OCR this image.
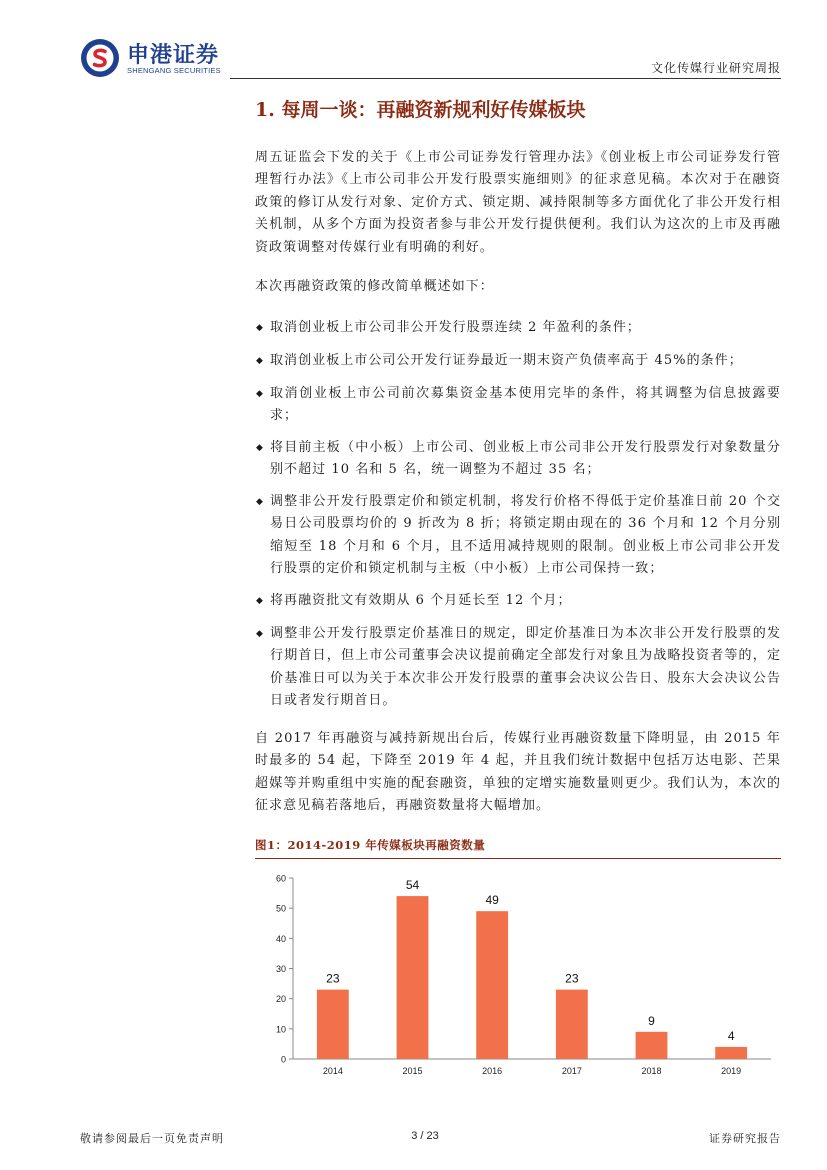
申港证券
SHENGANG SECURITIES	文化传媒行业研究周报
1. 每周一谈：再融资新规利好传媒板块
周五证监会下发的关于《上市公司证券发行管理办法》《创业板上市公司证券发行管理暂行办法》《上市公司非公开发行股票实施细则》的征求意见稿。本次对于在融资政策的修订从发行对象、定价方式、锁定期、减持限制等多方面优化了非公开发行相关机制，从多个方面为投资者参与非公开发行提供便利。我们认为这次的上市及再融资政策调整对传媒行业有明确的利好。
本次再融资政策的修改简单概述如下：
◆ 取消创业板上市公司非公开发行股票连续 2 年盈利的条件；
◆ 取消创业板上市公司公开发行证券最近一期末资产负债率高于 45%的条件；
◆ 取消创业板上市公司前次募集资金基本使用完毕的条件，将其调整为信息披露要求；
◆ 将目前主板（中小板）上市公司、创业板上市公司非公开发行股票发行对象数量分别不超过 10 名和 5 名，统一调整为不超过 35 名；
◆ 调整非公开发行股票定价和锁定机制，将发行价格不得低于定价基准日前 20 个交易日公司股票均价的 9 折改为 8 折；将锁定期由现在的 36 个月和 12 个月分别缩短至 18 个月和 6 个月，且不适用减持规则的限制。创业板上市公司非公开发行股票的定价和锁定机制与主板（中小板）上市公司保持一致；
◆ 将再融资批文有效期从 6 个月延长至 12 个月；
◆ 调整非公开发行股票定价基准日的规定，即定价基准日为本次非公开发行股票的发行期首日，但上市公司董事会决议提前确定全部发行对象且为战略投资者等的，定价基准日可以为关于本次非公开发行股票的董事会决议公告日、股东大会决议公告日或者发行期首日。
自 2017 年再融资与减持新规出台后，传媒行业再融资数量下降明显，由 2015 年时最多的 54 起，下降至 2019 年 4 起，并且我们统计数据中包括万达电影、芒果超媒等并购重组中实施的配套融资，单独的定增实施数量则更少。我们认为，本次的征求意见稿若落地后，再融资数量将大幅增加。
图1：2014-2019 年传媒板块再融资数量
0
10
20
30
40
50
60
23
2014
54
2015
49
2016
23
2017
9
2018
4
2019
敬请参阅最后一页免责声明	3 / 23	证券研究报告
